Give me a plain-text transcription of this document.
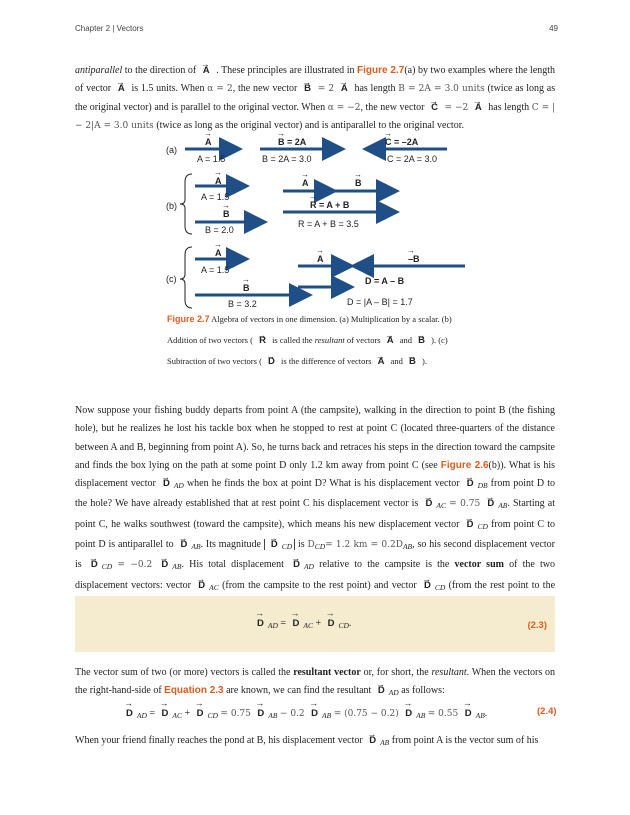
Chapter 2 | Vectors	49
antiparallel to the direction of → A . These principles are illustrated in Figure 2.7(a) by two examples where the length of vector → A is 1.5 units. When α = 2, the new vector → B = 2 → A has length B = 2A = 3.0 units (twice as long as the original vector) and is parallel to the original vector. When α = −2, the new vector → C = −2 → A has length C = |− 2|A = 3.0 units (twice as long as the original vector) and is antiparallel to the original vector.
(a)
→ A
A = 1.5
→ B = 2A
B = 2A = 3.0
→ C = –2A
C = 2A = 3.0
(b)
→ A
A = 1.5
→ B
B = 2.0
→ A	→ B
→ R = A + B
R = A + B = 3.5
(c)
→ A
A = 1.5
→ B
B = 3.2
→ A	→ –B
→ D = A – B
D = |A – B| = 1.7
Figure 2.7 Algebra of vectors in one dimension. (a) Multiplication by a scalar. (b) Addition of two vectors ( → R is called the resultant of vectors → A and → B ). (c) Subtraction of two vectors ( → D is the difference of vectors → A and → B ).
Now suppose your fishing buddy departs from point A (the campsite), walking in the direction to point B (the fishing hole), but he realizes he lost his tackle box when he stopped to rest at point C (located three-quarters of the distance between A and B, beginning from point A). So, he turns back and retraces his steps in the direction toward the campsite and finds the box lying on the path at some point D only 1.2 km away from point C (see Figure 2.6(b)). What is his displacement vector → D $_{AD}$ when he finds the box at point D? What is his displacement vector → D $_{DB}$ from point D to the hole? We have already established that at rest point C his displacement vector is → D $_{AC}$ = 0.75 → D $_{AB}$. Starting at point C, he walks southwest (toward the campsite), which means his new displacement vector → D $_{CD}$ from point C to point D is antiparallel to → D $_{AB}$. Its magnitude → D $_{CD}$ is $D_{CD}= 1.2$ km = $0.2D_{AB}$, so his second displacement vector is → D $_{CD}$ = −0.2 → D $_{AB}$. His total displacement → D $_{AD}$ relative to the campsite is the vector sum of the two displacement vectors: vector → D $_{AC}$ (from the campsite to the rest point) and vector → D $_{CD}$ (from the rest point to the
→ D $_{AD}$ = → D $_{AC}$ + → D $_{CD}$.	(2.3)
The vector sum of two (or more) vectors is called the resultant vector or, for short, the resultant. When the vectors on the right-hand-side of Equation 2.3 are known, we can find the resultant → D $_{AD}$ as follows:
→ D $_{AD}$ = → D $_{AC}$ + → D $_{CD}$ = 0.75 → D $_{AB}$ − 0.2 → D $_{AB}$ = (0.75 − 0.2) → D $_{AB}$ = 0.55 → D $_{AB}$.	(2.4)
When your friend finally reaches the pond at B, his displacement vector → D $_{AB}$ from point A is the vector sum of his
